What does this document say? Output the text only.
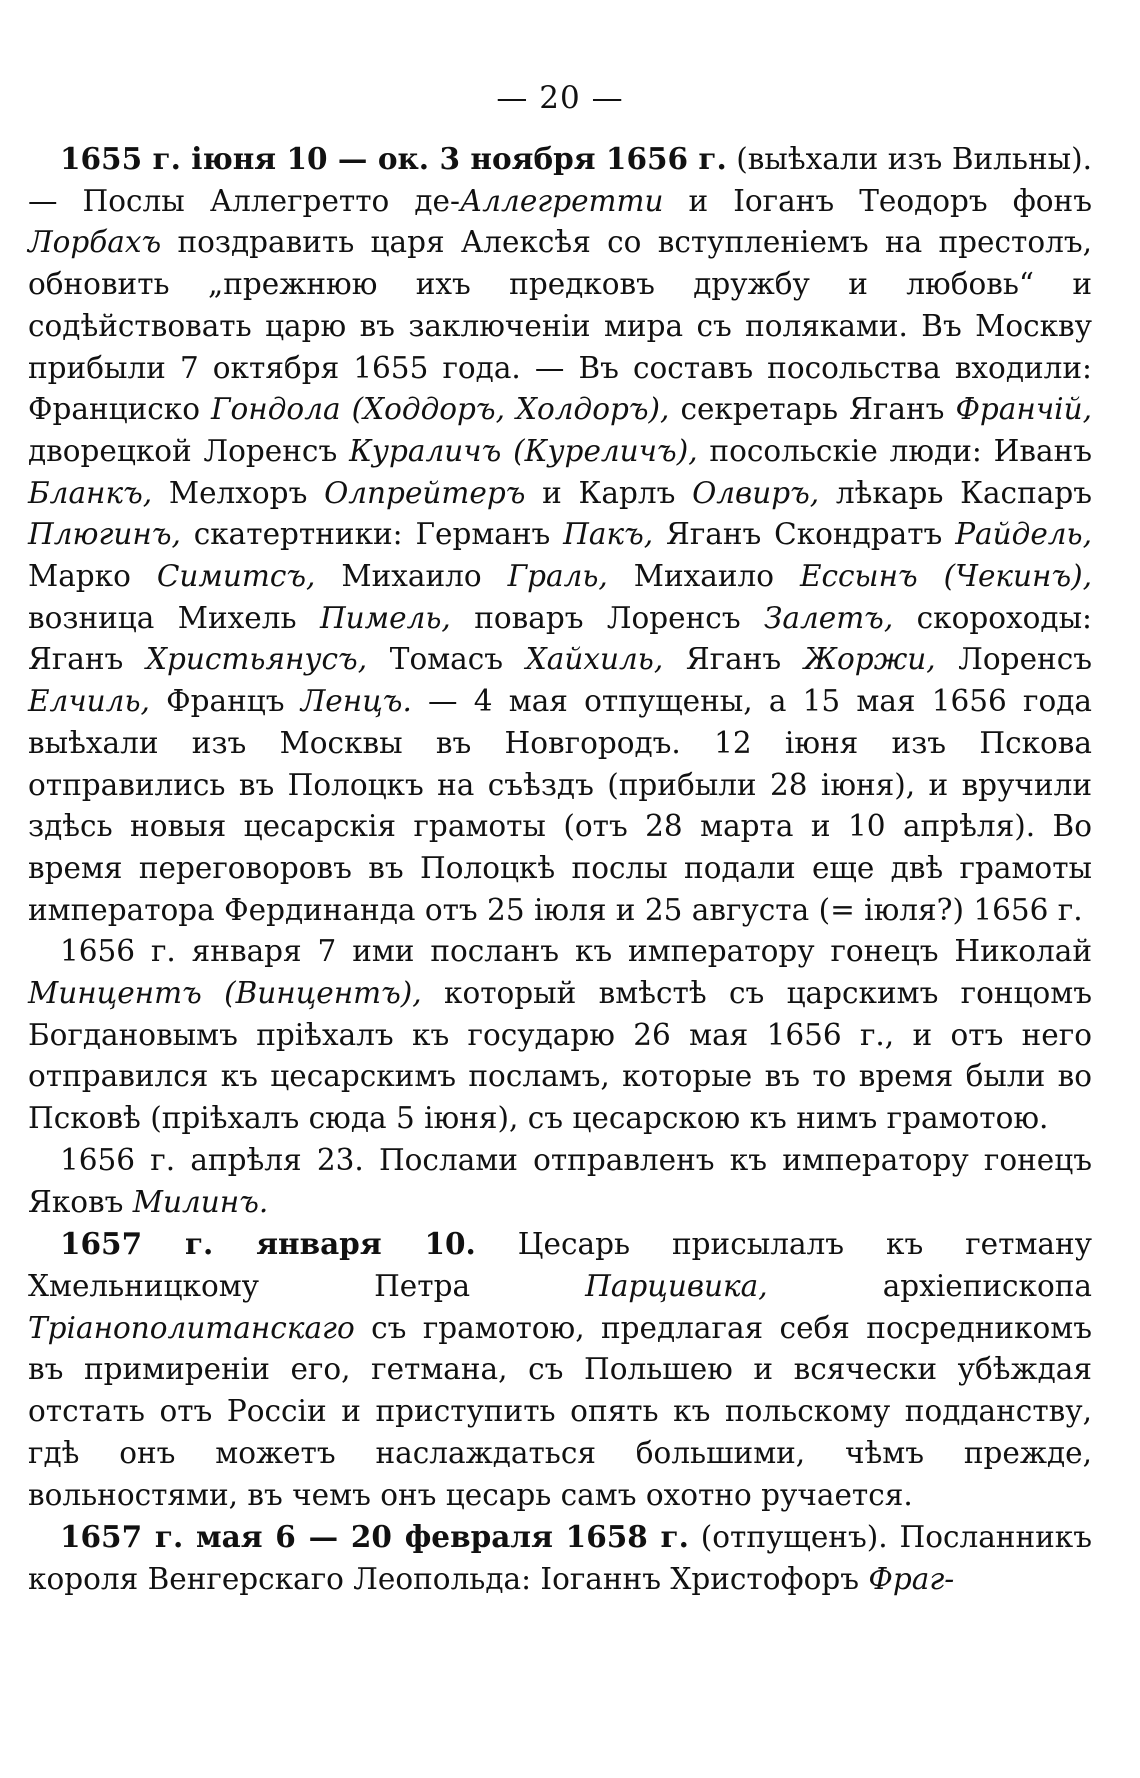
— 20 —

1655 г. іюня 10 — ок. 3 ноября 1656 г. (выѣхали изъ Вильны). — Послы Аллегретто де-Аллегретти и Іоганъ Теодоръ фонъ Лорбахъ поздравить царя Алексѣя со вступленіемъ на престолъ, обновить „прежнюю ихъ предковъ дружбу и любовь“ и содѣйствовать царю въ заключеніи мира съ поляками. Въ Москву прибыли 7 октября 1655 года. — Въ составъ посольства входили: Франциско Гондола (Ходдоръ, Холдоръ), секретарь Яганъ Франчій, дворецкой Лоренсъ Кураличъ (Курeличъ), посольскіе люди: Иванъ Бланкъ, Мелхоръ Олпрейтеръ и Карлъ Олвиръ, лѣкарь Каспаръ Плюгинъ, скатертники: Германъ Пакъ, Яганъ Скондратъ Райдель, Марко Симитсъ, Михаило Граль, Михаило Ессынъ (Чекинъ), возница Михель Пимель, поваръ Лоренсъ Залетъ, скороходы: Яганъ Христьянусъ, Томасъ Хайхиль, Яганъ Жоржи, Лоренсъ Елчиль, Францъ Ленцъ. — 4 мая отпущены, а 15 мая 1656 года выѣхали изъ Москвы въ Новгородъ. 12 іюня изъ Пскова отправились въ Полоцкъ на съѣздъ (прибыли 28 іюня), и вручили здѣсь новыя цесарскія грамоты (отъ 28 марта и 10 апрѣля). Во время переговоровъ въ Полоцкѣ послы подали еще двѣ грамоты императора Фердинанда отъ 25 іюля и 25 августа (= іюля?) 1656 г.

1656 г. января 7 ими посланъ къ императору гонецъ Николай Минцентъ (Винцентъ), который вмѣстѣ съ царскимъ гонцомъ Богдановымъ пріѣхалъ къ государю 26 мая 1656 г., и отъ него отправился къ цесарскимъ посламъ, которые въ то время были во Псковѣ (пріѣхалъ сюда 5 іюня), съ цесарскою къ нимъ грамотою.

1656 г. апрѣля 23. Послами отправленъ къ императору гонецъ Яковъ Милинъ.

1657 г. января 10. Цесарь присылалъ къ гетману Хмельницкому Петра Парцивика, архіепископа Тріанополитанскаго съ грамотою, предлагая себя посредникомъ въ примиреніи его, гетмана, съ Польшею и всячески убѣждая отстать отъ Россіи и приступить опять къ польскому подданству, гдѣ онъ можетъ наслаждаться большими, чѣмъ прежде, вольностями, въ чемъ онъ цесарь самъ охотно ручается.

1657 г. мая 6 — 20 февраля 1658 г. (отпущенъ). Посланникъ короля Венгерскаго Леопольда: Іоганнъ Христофоръ Фраг-
